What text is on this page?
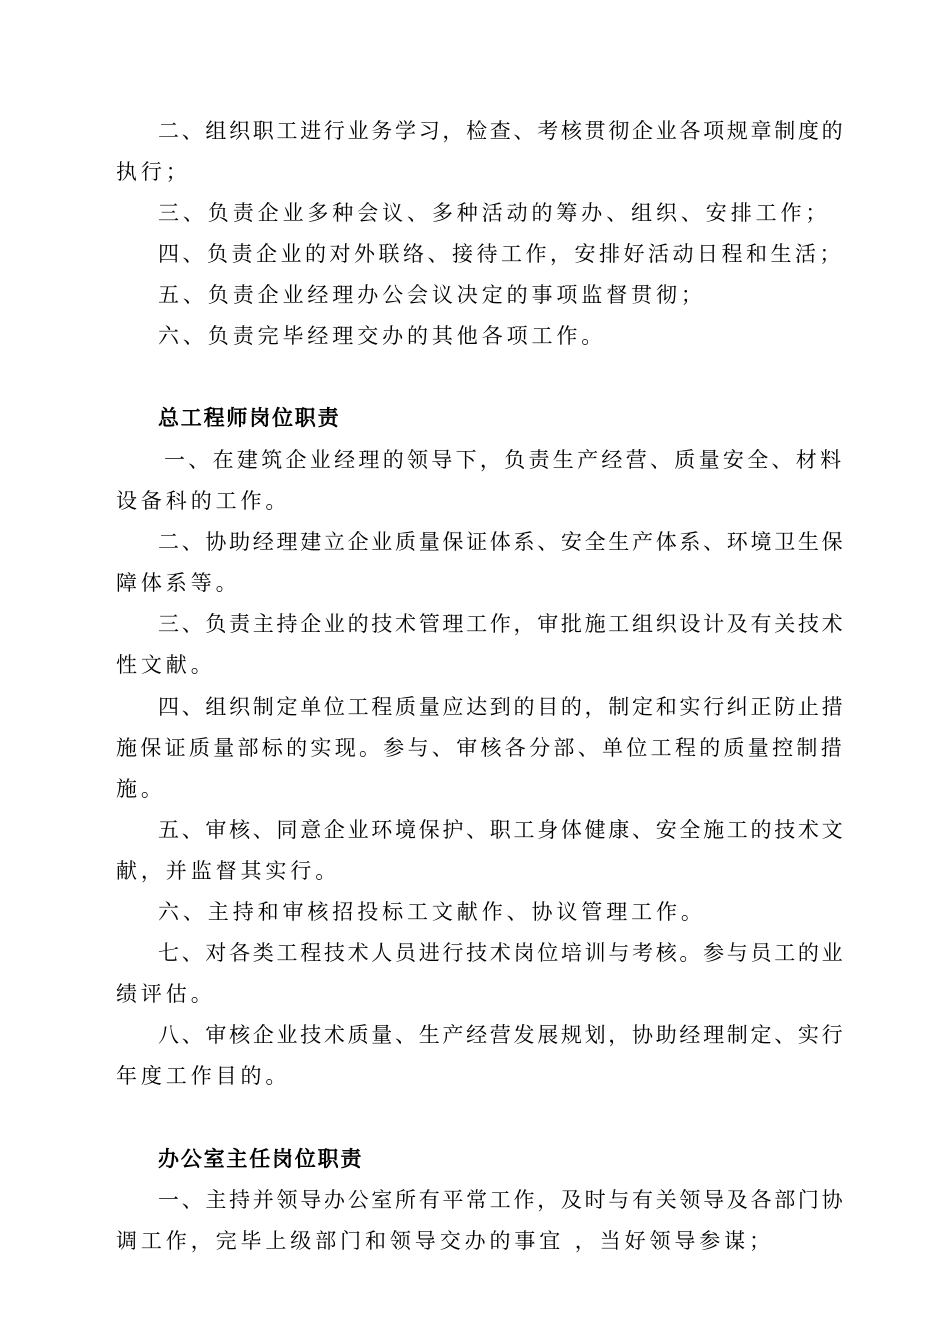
二、组织职工进行业务学习，检查、考核贯彻企业各项规章制度的
执行；
三、负责企业多种会议、多种活动的筹办、组织、安排工作；
四、负责企业的对外联络、接待工作，安排好活动日程和生活；
五、负责企业经理办公会议决定的事项监督贯彻；
六、负责完毕经理交办的其他各项工作。
总工程师岗位职责
一、在建筑企业经理的领导下，负责生产经营、质量安全、材料
设备科的工作。
二、协助经理建立企业质量保证体系、安全生产体系、环境卫生保
障体系等。
三、负责主持企业的技术管理工作，审批施工组织设计及有关技术
性文献。
四、组织制定单位工程质量应达到的目的，制定和实行纠正防止措
施保证质量部标的实现。参与、审核各分部、单位工程的质量控制措
施。
五、审核、同意企业环境保护、职工身体健康、安全施工的技术文
献，并监督其实行。
六、主持和审核招投标工文献作、协议管理工作。
七、对各类工程技术人员进行技术岗位培训与考核。参与员工的业
绩评估。
八、审核企业技术质量、生产经营发展规划，协助经理制定、实行
年度工作目的。
办公室主任岗位职责
一、主持并领导办公室所有平常工作，及时与有关领导及各部门协
调工作，完毕上级部门和领导交办的事宜 ，当好领导参谋；
